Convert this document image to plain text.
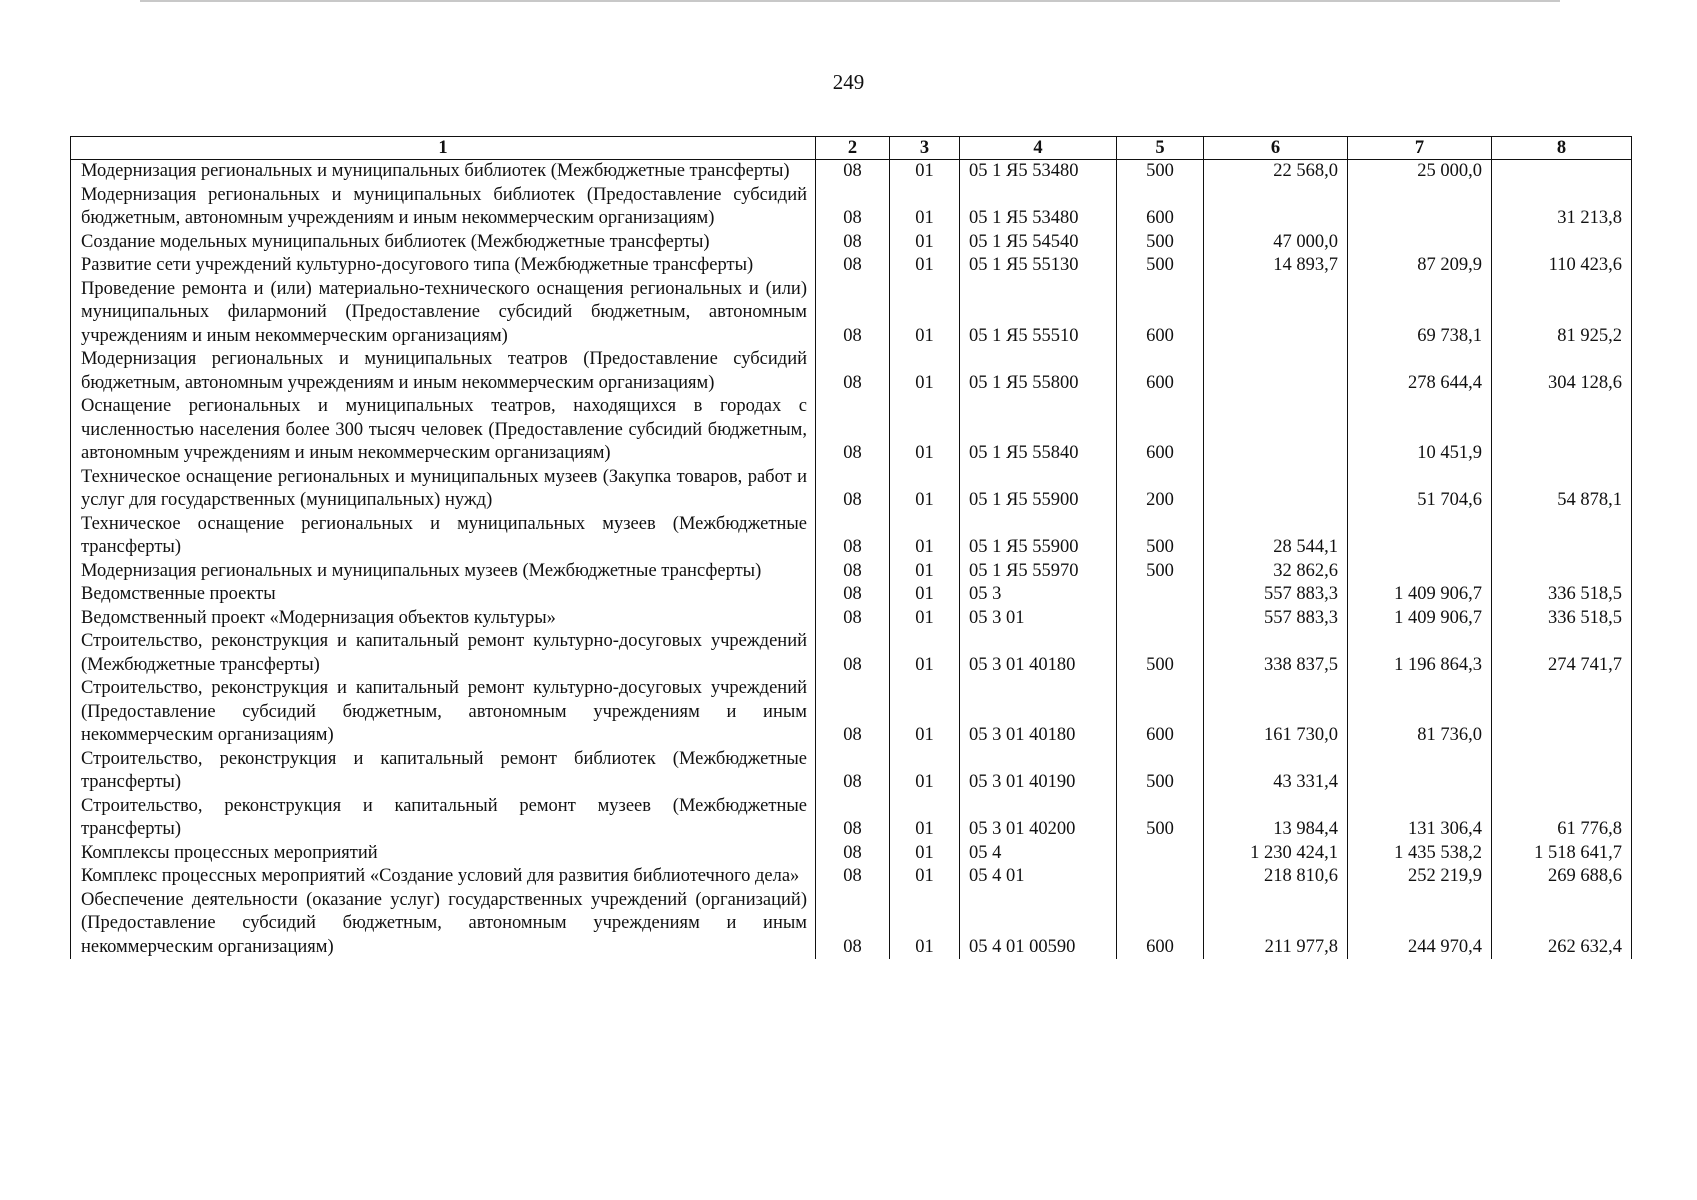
249
1	2	3	4	5	6	7	8
Модернизация региональных и муниципальных библиотек (Межбюджетные трансферты)	08	01	05 1 Я5 53480	500	22 568,0	25 000,0	
Модернизация региональных и муниципальных библиотек (Предоставление субсидий бюджетным, автономным учреждениям и иным некоммерческим организациям)	08	01	05 1 Я5 53480	600			31 213,8
Создание модельных муниципальных библиотек (Межбюджетные трансферты)	08	01	05 1 Я5 54540	500	47 000,0		
Развитие сети учреждений культурно-досугового типа (Межбюджетные трансферты)	08	01	05 1 Я5 55130	500	14 893,7	87 209,9	110 423,6
Проведение ремонта и (или) материально-технического оснащения региональных и (или) муниципальных филармоний (Предоставление субсидий бюджетным, автономным учреждениям и иным некоммерческим организациям)	08	01	05 1 Я5 55510	600		69 738,1	81 925,2
Модернизация региональных и муниципальных театров (Предоставление субсидий бюджетным, автономным учреждениям и иным некоммерческим организациям)	08	01	05 1 Я5 55800	600		278 644,4	304 128,6
Оснащение региональных и муниципальных театров, находящихся в городах с численностью населения более 300 тысяч человек (Предоставление субсидий бюджетным, автономным учреждениям и иным некоммерческим организациям)	08	01	05 1 Я5 55840	600		10 451,9	
Техническое оснащение региональных и муниципальных музеев (Закупка товаров, работ и услуг для государственных (муниципальных) нужд)	08	01	05 1 Я5 55900	200		51 704,6	54 878,1
Техническое оснащение региональных и муниципальных музеев (Межбюджетные трансферты)	08	01	05 1 Я5 55900	500	28 544,1		
Модернизация региональных и муниципальных музеев (Межбюджетные трансферты)	08	01	05 1 Я5 55970	500	32 862,6		
Ведомственные проекты	08	01	05 3		557 883,3	1 409 906,7	336 518,5
Ведомственный проект «Модернизация объектов культуры»	08	01	05 3 01		557 883,3	1 409 906,7	336 518,5
Строительство, реконструкция и капитальный ремонт культурно-досуговых учреждений (Межбюджетные трансферты)	08	01	05 3 01 40180	500	338 837,5	1 196 864,3	274 741,7
Строительство, реконструкция и капитальный ремонт культурно-досуговых учреждений (Предоставление субсидий бюджетным, автономным учреждениям и иным некоммерческим организациям)	08	01	05 3 01 40180	600	161 730,0	81 736,0	
Строительство, реконструкция и капитальный ремонт библиотек (Межбюджетные трансферты)	08	01	05 3 01 40190	500	43 331,4		
Строительство, реконструкция и капитальный ремонт музеев (Межбюджетные трансферты)	08	01	05 3 01 40200	500	13 984,4	131 306,4	61 776,8
Комплексы процессных мероприятий	08	01	05 4		1 230 424,1	1 435 538,2	1 518 641,7
Комплекс процессных мероприятий «Создание условий для развития библиотечного дела»	08	01	05 4 01		218 810,6	252 219,9	269 688,6
Обеспечение деятельности (оказание услуг) государственных учреждений (организаций) (Предоставление субсидий бюджетным, автономным учреждениям и иным некоммерческим организациям)	08	01	05 4 01 00590	600	211 977,8	244 970,4	262 632,4
